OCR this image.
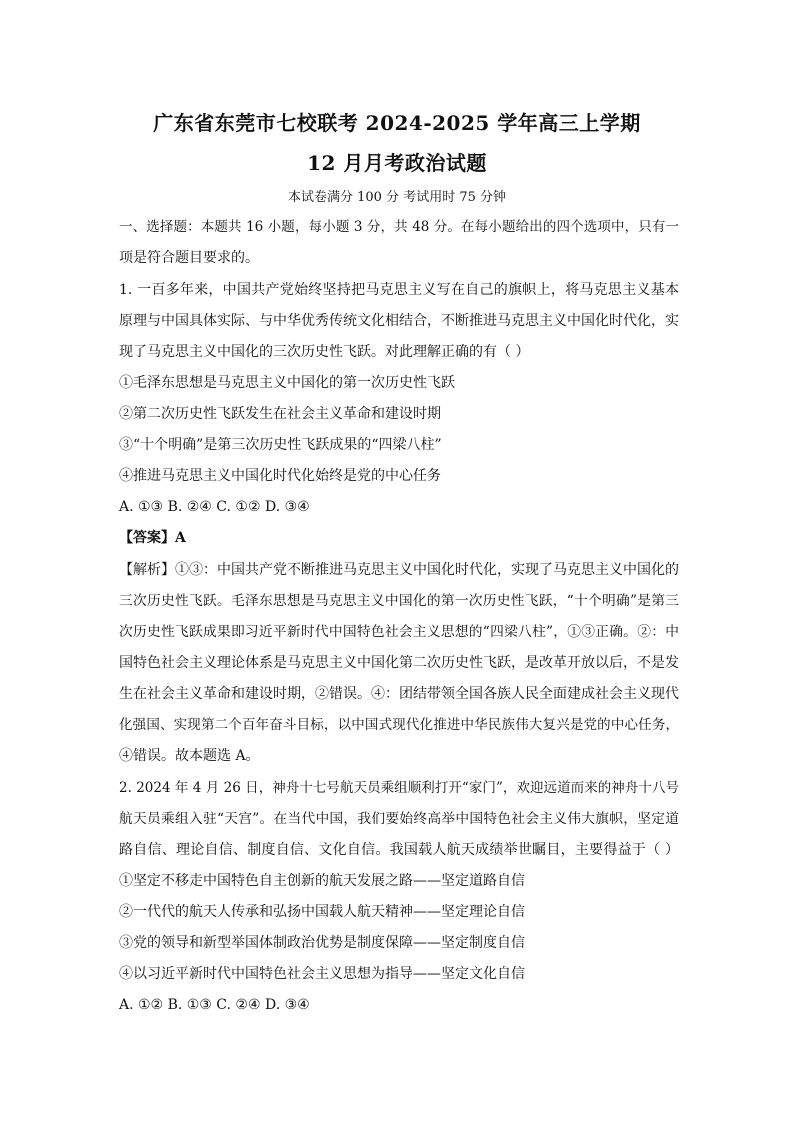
广东省东莞市七校联考 2024-2025 学年高三上学期
12 月月考政治试题
本试卷满分 100 分 考试用时 75 分钟
一、选择题：本题共 16 小题，每小题 3 分，共 48 分。在每小题给出的四个选项中，只有一
项是符合题目要求的。
1. 一百多年来，中国共产党始终坚持把马克思主义写在自己的旗帜上，将马克思主义基本
原理与中国具体实际、与中华优秀传统文化相结合，不断推进马克思主义中国化时代化，实
现了马克思主义中国化的三次历史性飞跃。对此理解正确的有（ ）
①毛泽东思想是马克思主义中国化的第一次历史性飞跃
②第二次历史性飞跃发生在社会主义革命和建设时期
③“十个明确”是第三次历史性飞跃成果的“四梁八柱”
④推进马克思主义中国化时代化始终是党的中心任务
A. ①③ B. ②④ C. ①② D. ③④
【答案】A
【解析】①③：中国共产党不断推进马克思主义中国化时代化，实现了马克思主义中国化的
三次历史性飞跃。毛泽东思想是马克思主义中国化的第一次历史性飞跃，“十个明确”是第三
次历史性飞跃成果即习近平新时代中国特色社会主义思想的“四梁八柱”，①③正确。②：中
国特色社会主义理论体系是马克思主义中国化第二次历史性飞跃，是改革开放以后，不是发
生在社会主义革命和建设时期，②错误。④：团结带领全国各族人民全面建成社会主义现代
化强国、实现第二个百年奋斗目标，以中国式现代化推进中华民族伟大复兴是党的中心任务，
④错误。故本题选 A。
2. 2024 年 4 月 26 日，神舟十七号航天员乘组顺利打开“家门”，欢迎远道而来的神舟十八号
航天员乘组入驻“天宫”。在当代中国，我们要始终高举中国特色社会主义伟大旗帜，坚定道
路自信、理论自信、制度自信、文化自信。我国载人航天成绩举世瞩目，主要得益于（ ）
①坚定不移走中国特色自主创新的航天发展之路——坚定道路自信
②一代代的航天人传承和弘扬中国载人航天精神——坚定理论自信
③党的领导和新型举国体制政治优势是制度保障——坚定制度自信
④以习近平新时代中国特色社会主义思想为指导——坚定文化自信
A. ①② B. ①③ C. ②④ D. ③④
